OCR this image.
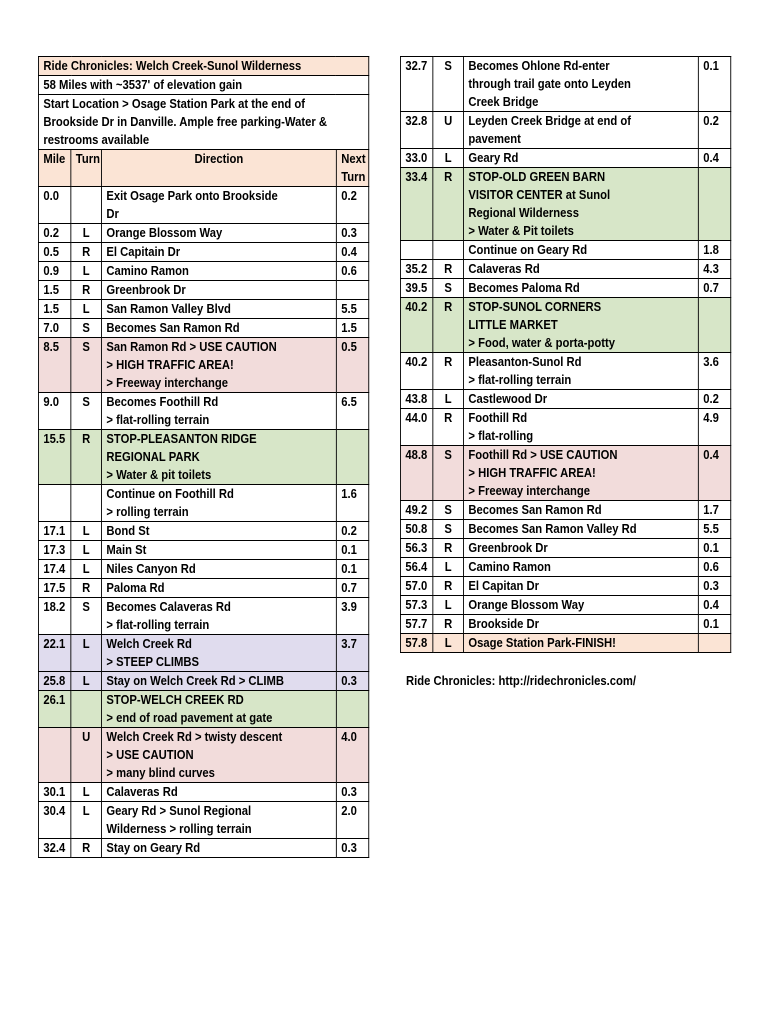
Ride Chronicles: Welch Creek-Sunol Wilderness			
58 Miles with ~3537' of elevation gain			

Start Location > Osage Station Park at the end of
Brookside Dr in Danville. Ample free parking-Water &
restrooms available			

Mile	Turn	Direction	Next
Turn

0.0		Exit Osage Park onto Brookside
Dr	0.2
0.2	L	Orange Blossom Way	0.3
0.5	R	El Capitain Dr	0.4
0.9	L	Camino Ramon	0.6
1.5	R	Greenbrook Dr	

1.5	L	San Ramon Valley Blvd	5.5
7.0	S	Becomes San Ramon Rd	1.5
8.5	S	San Ramon Rd > USE CAUTION
> HIGH TRAFFIC AREA!
> Freeway interchange	0.5
9.0	S	Becomes Foothill Rd
> flat-rolling terrain	6.5
15.5	R	STOP-PLEASANTON RIDGE
REGIONAL PARK
> Water & pit toilets	

		Continue on Foothill Rd
> rolling terrain	1.6
17.1	L	Bond St	0.2
17.3	L	Main St	0.1
17.4	L	Niles Canyon Rd	0.1
17.5	R	Paloma Rd	0.7
18.2	S	Becomes Calaveras Rd
> flat-rolling terrain	3.9
22.1	L	Welch Creek Rd
> STEEP CLIMBS	3.7
25.8	L	Stay on Welch Creek Rd > CLIMB	0.3
26.1		STOP-WELCH CREEK RD
> end of road pavement at gate	

	U	Welch Creek Rd > twisty descent
> USE CAUTION
> many blind curves	4.0
30.1	L	Calaveras Rd	0.3
30.4	L	Geary Rd > Sunol Regional
Wilderness > rolling terrain	2.0
32.4	R	Stay on Geary Rd	0.3
32.7	S	Becomes Ohlone Rd-enter
through trail gate onto Leyden
Creek Bridge	0.1
32.8	U	Leyden Creek Bridge at end of
pavement	0.2
33.0	L	Geary Rd	0.4
33.4	R	STOP-OLD GREEN BARN
VISITOR CENTER at Sunol
Regional Wilderness
> Water & Pit toilets	

		Continue on Geary Rd	1.8
35.2	R	Calaveras Rd	4.3
39.5	S	Becomes Paloma Rd	0.7
40.2	R	STOP-SUNOL CORNERS
LITTLE MARKET
> Food, water & porta-potty	

40.2	R	Pleasanton-Sunol Rd
> flat-rolling terrain	3.6
43.8	L	Castlewood Dr	0.2
44.0	R	Foothill Rd
> flat-rolling	4.9
48.8	S	Foothill Rd > USE CAUTION
> HIGH TRAFFIC AREA!
> Freeway interchange	0.4
49.2	S	Becomes San Ramon Rd	1.7
50.8	S	Becomes San Ramon Valley Rd	5.5
56.3	R	Greenbrook Dr	0.1
56.4	L	Camino Ramon	0.6
57.0	R	El Capitan Dr	0.3
57.3	L	Orange Blossom Way	0.4
57.7	R	Brookside Dr	0.1
57.8	L	Osage Station Park-FINISH!	

Ride Chronicles: http://ridechronicles.com/
